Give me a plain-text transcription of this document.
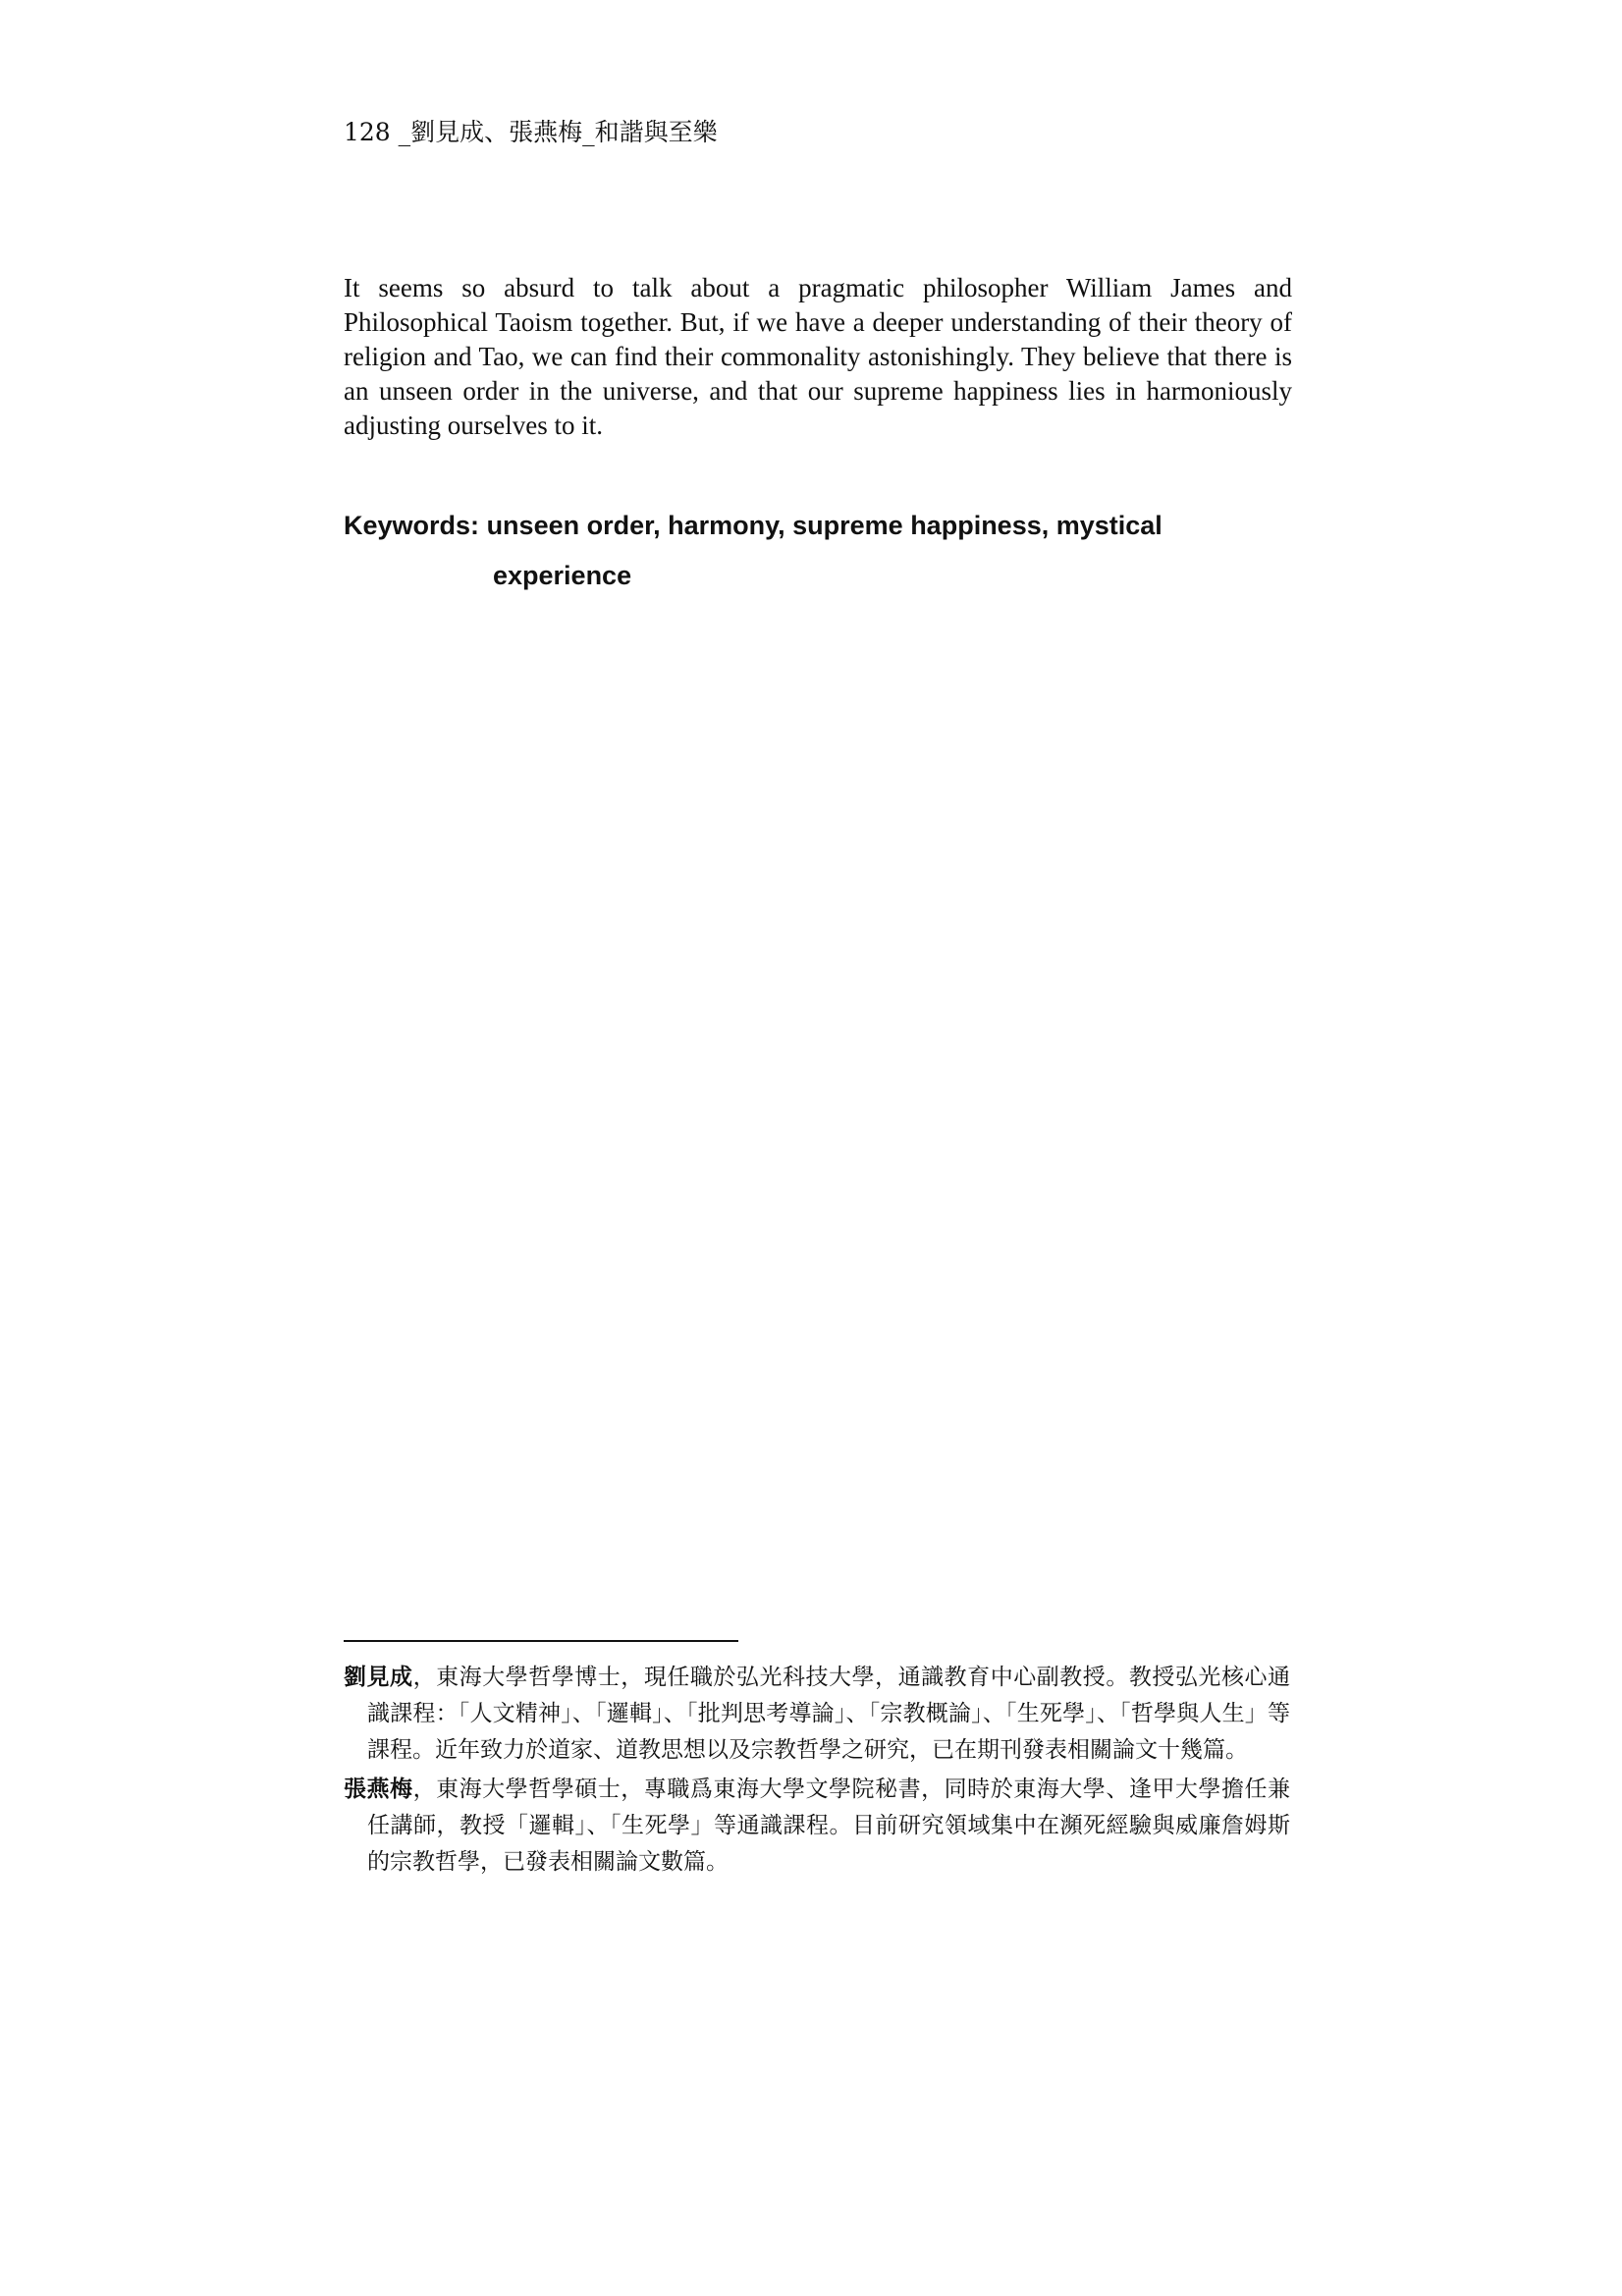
128 _劉見成、張燕梅_和諧與至樂

It seems so absurd to talk about a pragmatic philosopher William James and Philosophical Taoism together. But, if we have a deeper understanding of their theory of religion and Tao, we can find their commonality astonishingly. They believe that there is an unseen order in the universe, and that our supreme happiness lies in harmoniously adjusting ourselves to it.

Keywords: unseen order, harmony, supreme happiness, mystical
experience

劉見成，東海大學哲學博士，現任職於弘光科技大學，通識教育中心副教授。教授弘光核心通識課程：「人文精神」、「邏輯」、「批判思考導論」、「宗教概論」、「生死學」、「哲學與人生」等課程。近年致力於道家、道教思想以及宗教哲學之研究，已在期刊發表相關論文十幾篇。

張燕梅，東海大學哲學碩士，專職爲東海大學文學院秘書，同時於東海大學、逢甲大學擔任兼任講師，教授「邏輯」、「生死學」等通識課程。目前研究領域集中在瀕死經驗與威廉詹姆斯的宗教哲學，已發表相關論文數篇。
